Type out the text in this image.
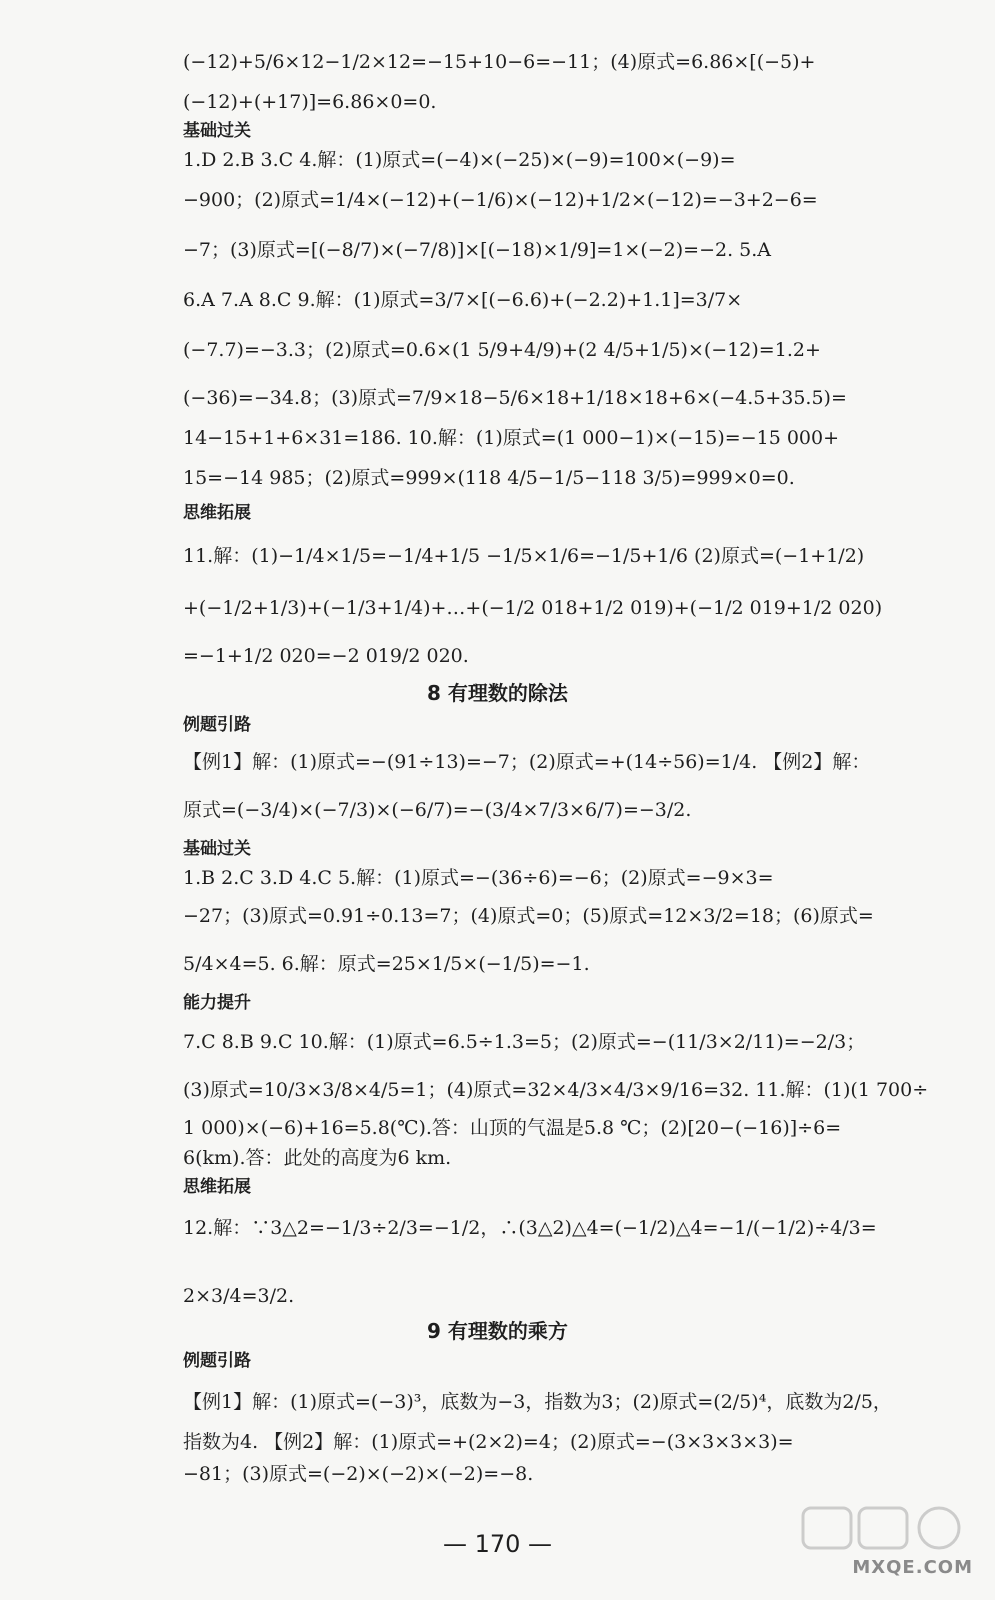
(−12)+5/6×12−1/2×12=−15+10−6=−11；(4)原式=6.86×[(−5)+
(−12)+(+17)]=6.86×0=0.
基础过关
1.D 2.B 3.C 4.解：(1)原式=(−4)×(−25)×(−9)=100×(−9)=
−900；(2)原式=1/4×(−12)+(−1/6)×(−12)+1/2×(−12)=−3+2−6=
−7；(3)原式=[(−8/7)×(−7/8)]×[(−18)×1/9]=1×(−2)=−2. 5.A
6.A 7.A 8.C 9.解：(1)原式=3/7×[(−6.6)+(−2.2)+1.1]=3/7×
(−7.7)=−3.3；(2)原式=0.6×(1 5/9+4/9)+(2 4/5+1/5)×(−12)=1.2+
(−36)=−34.8；(3)原式=7/9×18−5/6×18+1/18×18+6×(−4.5+35.5)=
14−15+1+6×31=186. 10.解：(1)原式=(1 000−1)×(−15)=−15 000+
15=−14 985；(2)原式=999×(118 4/5−1/5−118 3/5)=999×0=0.
思维拓展
11.解：(1)−1/4×1/5=−1/4+1/5 −1/5×1/6=−1/5+1/6 (2)原式=(−1+1/2)
+(−1/2+1/3)+(−1/3+1/4)+…+(−1/2 018+1/2 019)+(−1/2 019+1/2 020)
=−1+1/2 020=−2 019/2 020.
8 有理数的除法
例题引路
【例1】解：(1)原式=−(91÷13)=−7；(2)原式=+(14÷56)=1/4. 【例2】解：
原式=(−3/4)×(−7/3)×(−6/7)=−(3/4×7/3×6/7)=−3/2.
基础过关
1.B 2.C 3.D 4.C 5.解：(1)原式=−(36÷6)=−6；(2)原式=−9×3=
−27；(3)原式=0.91÷0.13=7；(4)原式=0；(5)原式=12×3/2=18；(6)原式=
5/4×4=5. 6.解：原式=25×1/5×(−1/5)=−1.
能力提升
7.C 8.B 9.C 10.解：(1)原式=6.5÷1.3=5；(2)原式=−(11/3×2/11)=−2/3；
(3)原式=10/3×3/8×4/5=1；(4)原式=32×4/3×4/3×9/16=32. 11.解：(1)(1 700÷
1 000)×(−6)+16=5.8(℃).答：山顶的气温是5.8 ℃；(2)[20−(−16)]÷6=
6(km).答：此处的高度为6 km.
思维拓展
12.解：∵3△2=−1/3÷2/3=−1/2，∴(3△2)△4=(−1/2)△4=−1/(−1/2)÷4/3=
2×3/4=3/2.
9 有理数的乘方
例题引路
【例1】解：(1)原式=(−3)³，底数为−3，指数为3；(2)原式=(2/5)⁴，底数为2/5，
指数为4. 【例2】解：(1)原式=+(2×2)=4；(2)原式=−(3×3×3×3)=
−81；(3)原式=(−2)×(−2)×(−2)=−8.
— 170 —
MXQE.COM
